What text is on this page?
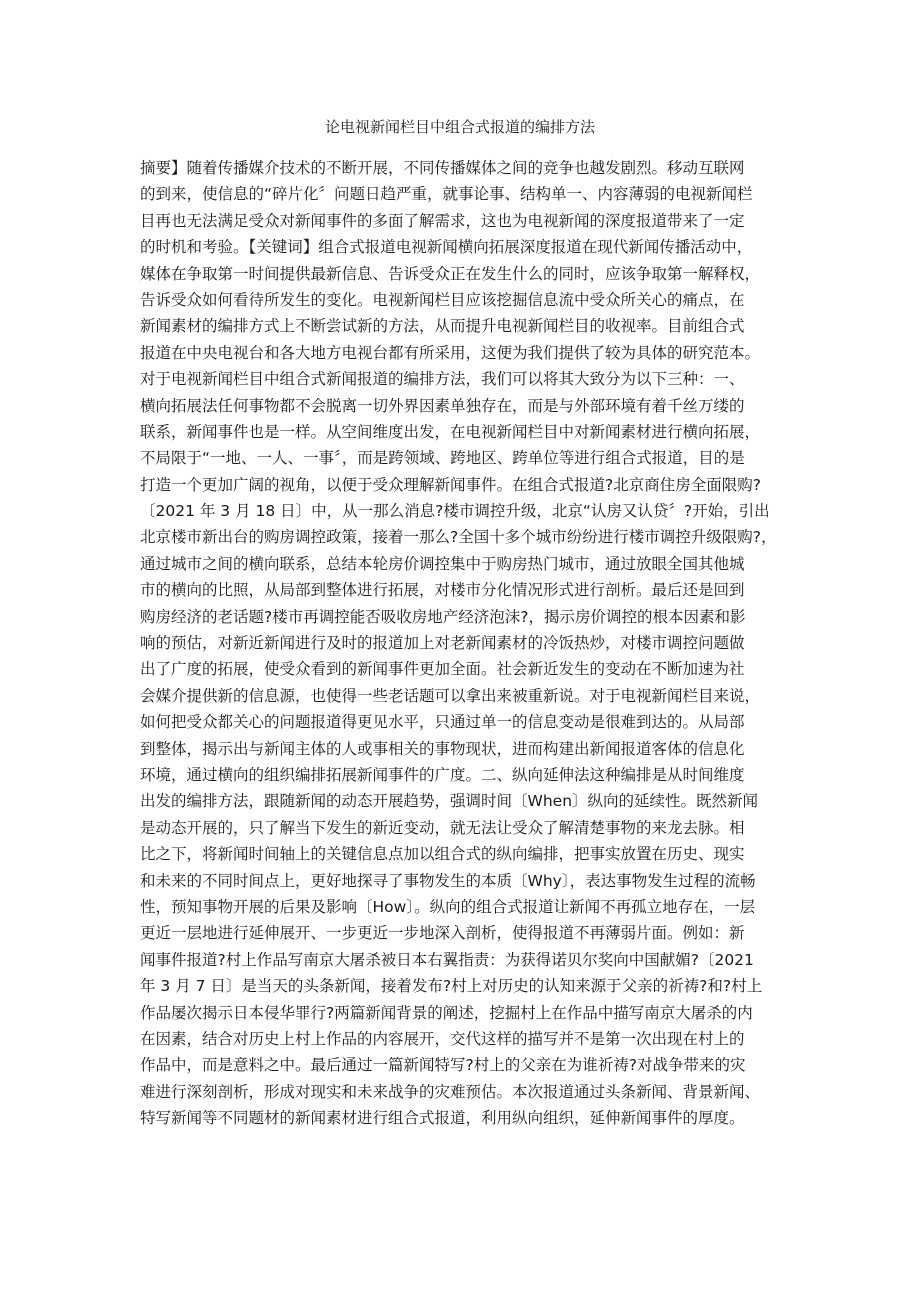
论电视新闻栏目中组合式报道的编排方法
摘要】随着传播媒介技术的不断开展，不同传播媒体之间的竞争也越发剧烈。移动互联网
的到来，使信息的“碎片化〞问题日趋严重，就事论事、结构单一、内容薄弱的电视新闻栏
目再也无法满足受众对新闻事件的多面了解需求，这也为电视新闻的深度报道带来了一定
的时机和考验。【关键词】组合式报道电视新闻横向拓展深度报道在现代新闻传播活动中，
媒体在争取第一时间提供最新信息、告诉受众正在发生什么的同时，应该争取第一解释权，
告诉受众如何看待所发生的变化。电视新闻栏目应该挖掘信息流中受众所关心的痛点，在
新闻素材的编排方式上不断尝试新的方法，从而提升电视新闻栏目的收视率。目前组合式
报道在中央电视台和各大地方电视台都有所采用，这便为我们提供了较为具体的研究范本。
对于电视新闻栏目中组合式新闻报道的编排方法，我们可以将其大致分为以下三种：一、
横向拓展法任何事物都不会脱离一切外界因素单独存在，而是与外部环境有着千丝万缕的
联系，新闻事件也是一样。从空间维度出发，在电视新闻栏目中对新闻素材进行横向拓展，
不局限于“一地、一人、一事〞，而是跨领域、跨地区、跨单位等进行组合式报道，目的是
打造一个更加广阔的视角，以便于受众理解新闻事件。在组合式报道?北京商住房全面限购?
〔2021 年 3 月 18 日〕中，从一那么消息?楼市调控升级，北京“认房又认贷〞?开始，引出
北京楼市新出台的购房调控政策，接着一那么?全国十多个城市纷纷进行楼市调控升级限购?，
通过城市之间的横向联系，总结本轮房价调控集中于购房热门城市，通过放眼全国其他城
市的横向的比照，从局部到整体进行拓展，对楼市分化情况形式进行剖析。最后还是回到
购房经济的老话题?楼市再调控能否吸收房地产经济泡沫?，揭示房价调控的根本因素和影
响的预估，对新近新闻进行及时的报道加上对老新闻素材的冷饭热炒，对楼市调控问题做
出了广度的拓展，使受众看到的新闻事件更加全面。社会新近发生的变动在不断加速为社
会媒介提供新的信息源，也使得一些老话题可以拿出来被重新说。对于电视新闻栏目来说，
如何把受众都关心的问题报道得更见水平，只通过单一的信息变动是很难到达的。从局部
到整体，揭示出与新闻主体的人或事相关的事物现状，进而构建出新闻报道客体的信息化
环境，通过横向的组织编排拓展新闻事件的广度。二、纵向延伸法这种编排是从时间维度
出发的编排方法，跟随新闻的动态开展趋势，强调时间〔When〕纵向的延续性。既然新闻
是动态开展的，只了解当下发生的新近变动，就无法让受众了解清楚事物的来龙去脉。相
比之下，将新闻时间轴上的关键信息点加以组合式的纵向编排，把事实放置在历史、现实
和未来的不同时间点上，更好地探寻了事物发生的本质〔Why〕，表达事物发生过程的流畅
性，预知事物开展的后果及影响〔How〕。纵向的组合式报道让新闻不再孤立地存在，一层
更近一层地进行延伸展开、一步更近一步地深入剖析，使得报道不再薄弱片面。例如：新
闻事件报道?村上作品写南京大屠杀被日本右翼指责：为获得诺贝尔奖向中国献媚?〔2021
年 3 月 7 日〕是当天的头条新闻，接着发布?村上对历史的认知来源于父亲的祈祷?和?村上
作品屡次揭示日本侵华罪行?两篇新闻背景的阐述，挖掘村上在作品中描写南京大屠杀的内
在因素，结合对历史上村上作品的内容展开，交代这样的描写并不是第一次出现在村上的
作品中，而是意料之中。最后通过一篇新闻特写?村上的父亲在为谁祈祷?对战争带来的灾
难进行深刻剖析，形成对现实和未来战争的灾难预估。本次报道通过头条新闻、背景新闻、
特写新闻等不同题材的新闻素材进行组合式报道，利用纵向组织，延伸新闻事件的厚度。
